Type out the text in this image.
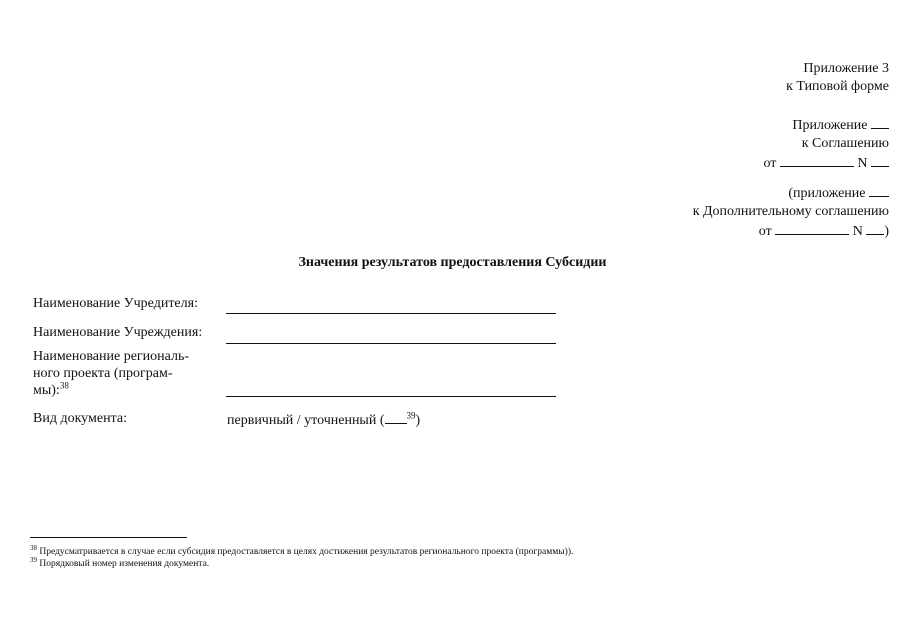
Приложение 3
к Типовой форме
Приложение
к Соглашению
от	N
(приложение
к Дополнительному соглашению
от	N )
Значения результатов предоставления Субсидии
Наименование Учредителя:
Наименование Учреждения:
Наименование региональ-
ного проекта (програм-
мы):$^{38}$
Вид документа:	первичный / уточненный ( $^{39}$)
$^{38}$ Предусматривается в случае если субсидия предоставляется в целях достижения результатов регионального проекта (программы)).
$^{39}$ Порядковый номер изменения документа.
